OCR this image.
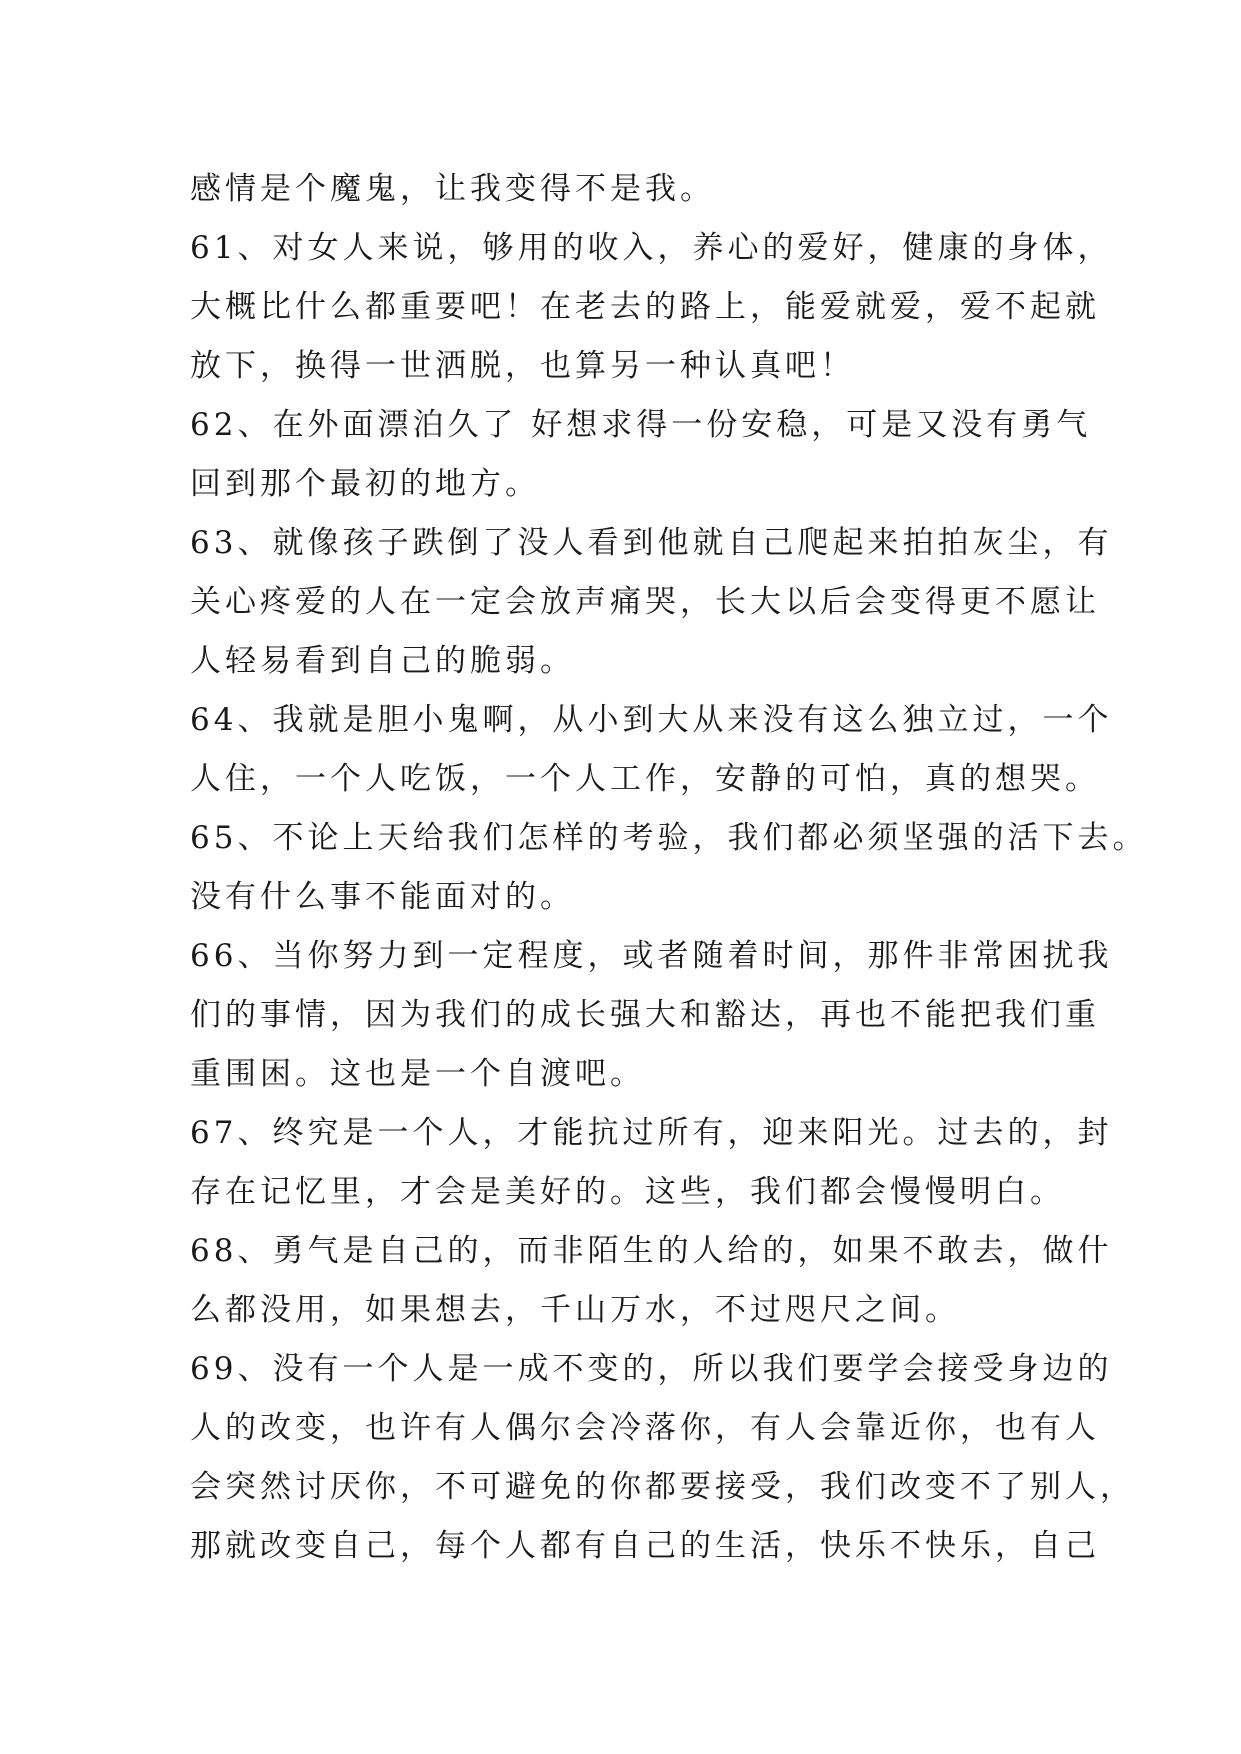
感情是个魔鬼，让我变得不是我。
61、对女人来说，够用的收入，养心的爱好，健康的身体，
大概比什么都重要吧！在老去的路上，能爱就爱，爱不起就
放下，换得一世洒脱，也算另一种认真吧！
62、在外面漂泊久了 好想求得一份安稳，可是又没有勇气
回到那个最初的地方。
63、就像孩子跌倒了没人看到他就自己爬起来拍拍灰尘，有
关心疼爱的人在一定会放声痛哭，长大以后会变得更不愿让
人轻易看到自己的脆弱。
64、我就是胆小鬼啊，从小到大从来没有这么独立过，一个
人住，一个人吃饭，一个人工作，安静的可怕，真的想哭。
65、不论上天给我们怎样的考验，我们都必须坚强的活下去。
没有什么事不能面对的。
66、当你努力到一定程度，或者随着时间，那件非常困扰我
们的事情，因为我们的成长强大和豁达，再也不能把我们重
重围困。这也是一个自渡吧。
67、终究是一个人，才能抗过所有，迎来阳光。过去的，封
存在记忆里，才会是美好的。这些，我们都会慢慢明白。
68、勇气是自己的，而非陌生的人给的，如果不敢去，做什
么都没用，如果想去，千山万水，不过咫尺之间。
69、没有一个人是一成不变的，所以我们要学会接受身边的
人的改变，也许有人偶尔会冷落你，有人会靠近你，也有人
会突然讨厌你，不可避免的你都要接受，我们改变不了别人，
那就改变自己，每个人都有自己的生活，快乐不快乐，自己
